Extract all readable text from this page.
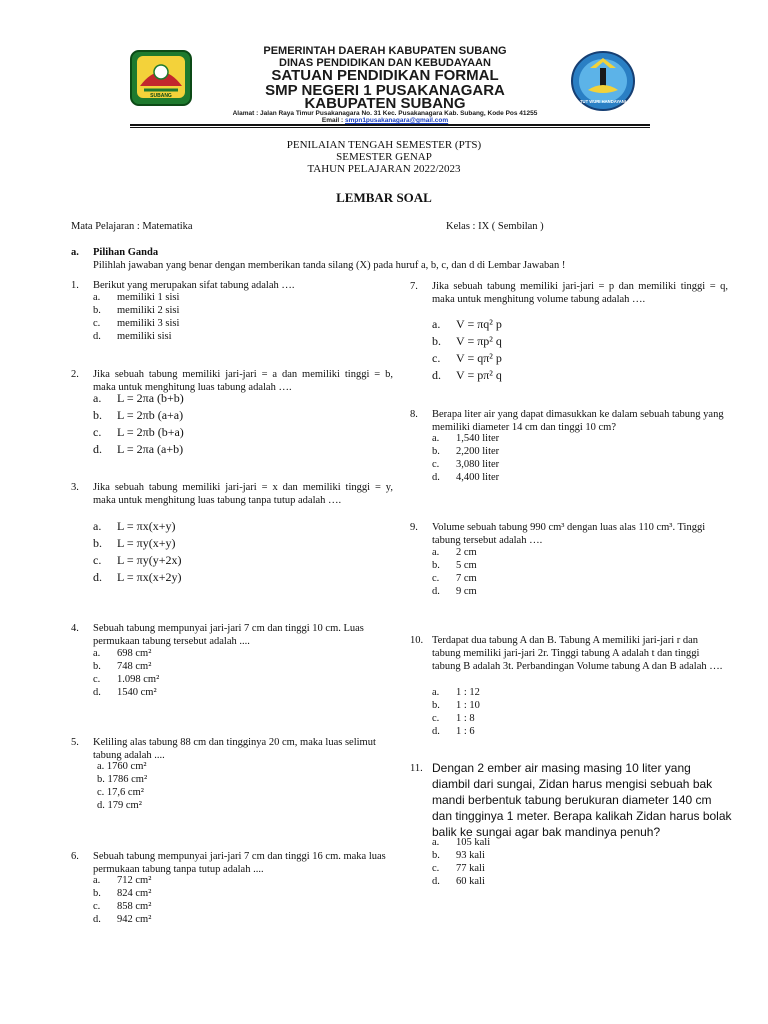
SUBANG
TUT WURI HANDAYANI
PEMERINTAH DAERAH KABUPATEN SUBANG
DINAS PENDIDIKAN DAN KEBUDAYAAN
SATUAN PENDIDIKAN FORMAL
SMP NEGERI 1 PUSAKANAGARA
KABUPATEN SUBANG
Alamat : Jalan Raya Timur Pusakanagara No. 31 Kec. Pusakanagara Kab. Subang, Kode Pos 41255
Email : smpn1pusakanagara@gmail.com
PENILAIAN TENGAH SEMESTER (PTS)
SEMESTER GENAP
TAHUN PELAJARAN 2022/2023
LEMBAR SOAL
Mata Pelajaran : Matematika	Kelas : IX ( Sembilan )
a. Pilihan Ganda
Pilihlah jawaban yang benar dengan memberikan tanda silang (X) pada huruf a, b, c, dan d di Lembar Jawaban !
1. Berikut yang merupakan sifat tabung adalah ….
a. memiliki 1 sisi
b. memiliki 2 sisi
c. memiliki 3 sisi
d. memiliki sisi
2. Jika sebuah tabung memiliki jari-jari = a dan memiliki tinggi = b, maka untuk menghitung luas tabung adalah ….
a. L = 2πa (b+b)
b. L = 2πb (a+a)
c. L = 2πb (b+a)
d. L = 2πa (a+b)
3. Jika sebuah tabung memiliki jari-jari = x dan memiliki tinggi = y, maka untuk menghitung luas tabung tanpa tutup adalah ….
a. L = πx(x+y)
b. L = πy(x+y)
c. L = πy(y+2x)
d. L = πx(x+2y)
4. Sebuah tabung mempunyai jari-jari 7 cm dan tinggi 10 cm. Luas permukaan tabung tersebut adalah ....
a. 698 cm²
b. 748 cm²
c. 1.098 cm²
d. 1540 cm²
5. Keliling alas tabung 88 cm dan tingginya 20 cm, maka luas selimut tabung adalah ....
a. 1760 cm²
b. 1786 cm²
c. 17,6 cm²
d. 179 cm²
6. Sebuah tabung mempunyai jari-jari 7 cm dan tinggi 16 cm. maka luas permukaan tabung tanpa tutup adalah ....
a. 712 cm²
b. 824 cm²
c. 858 cm²
d. 942 cm²
7. Jika sebuah tabung memiliki jari-jari = p dan memiliki tinggi = q, maka untuk menghitung volume tabung adalah ….
a. V = πq² p
b. V = πp² q
c. V = qπ² p
d. V = pπ² q
8. Berapa liter air yang dapat dimasukkan ke dalam sebuah tabung yang memiliki diameter 14 cm dan tinggi 10 cm?
a. 1,540 liter
b. 2,200 liter
c. 3,080 liter
d. 4,400 liter
9. Volume sebuah tabung 990 cm³ dengan luas alas 110 cm³. Tinggi tabung tersebut adalah ….
a. 2 cm
b. 5 cm
c. 7 cm
d. 9 cm
10. Terdapat dua tabung A dan B. Tabung A memiliki jari-jari r dan tabung memiliki jari-jari 2r. Tinggi tabung A adalah t dan tinggi tabung B adalah 3t. Perbandingan Volume tabung A dan B adalah ….
a. 1 : 12
b. 1 : 10
c. 1 : 8
d. 1 : 6
11. Dengan 2 ember air masing masing 10 liter yang diambil dari sungai, Zidan harus mengisi sebuah bak mandi berbentuk tabung berukuran diameter 140 cm dan tingginya 1 meter. Berapa kalikah Zidan harus bolak balik ke sungai agar bak mandinya penuh?
a. 105 kali
b. 93 kali
c. 77 kali
d. 60 kali
